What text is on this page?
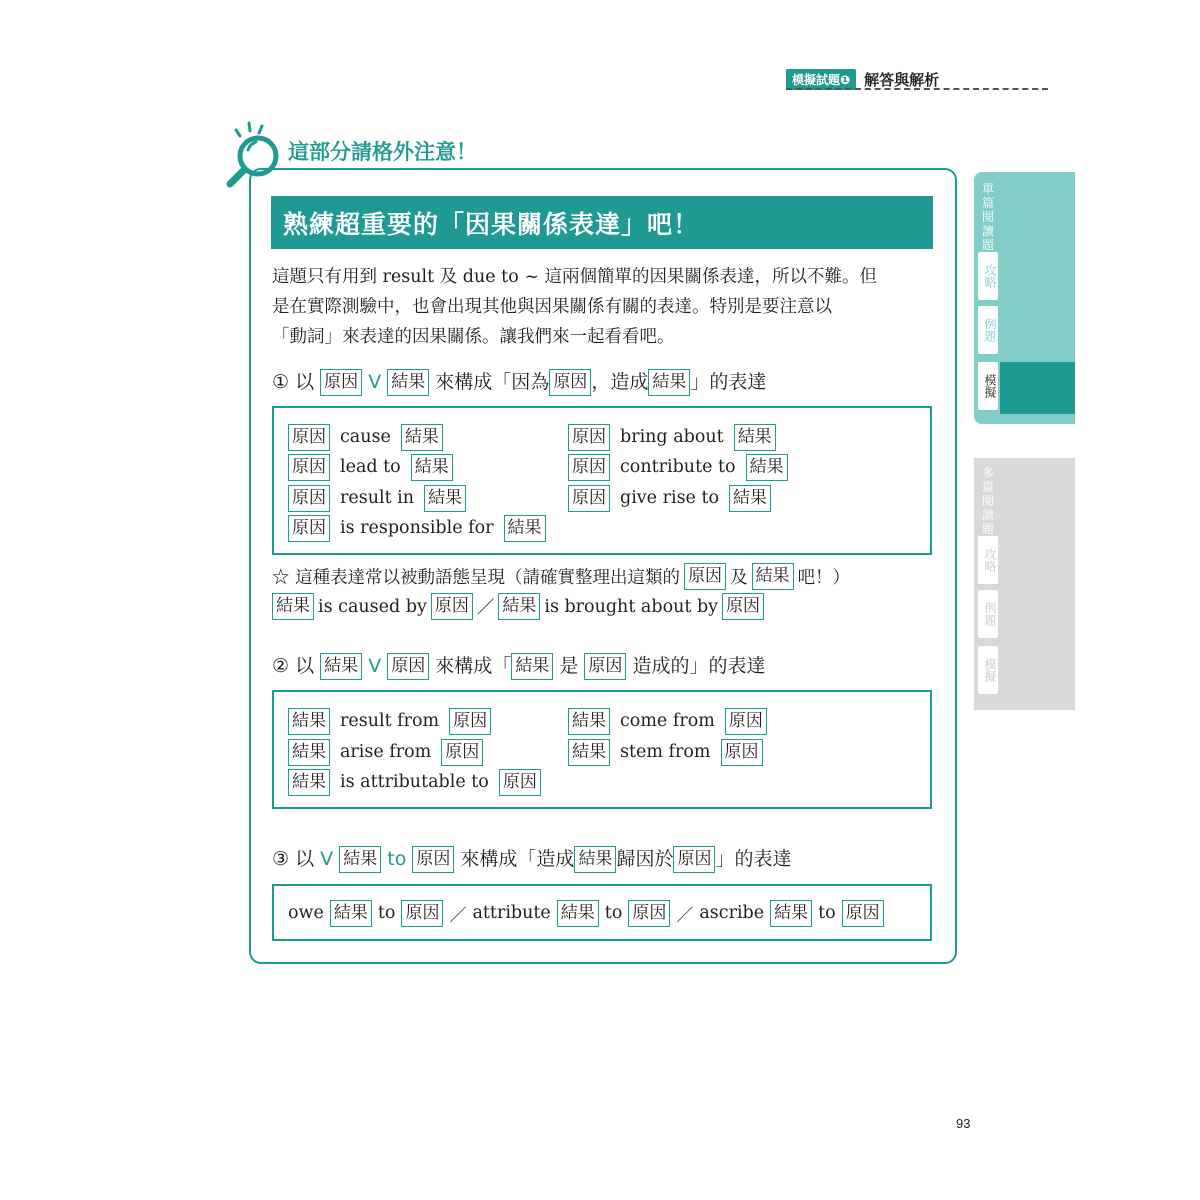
模擬試題❶ 解答與解析
單篇閱讀題
攻略
例題
模擬
多篇閱讀題
攻略
例題
模擬
這部分請格外注意！
熟練超重要的「因果關係表達」吧！
這題只有用到 result 及 due to ~ 這兩個簡單的因果關係表達，所以不難。但
是在實際測驗中，也會出現其他與因果關係有關的表達。特別是要注意以
「動詞」來表達的因果關係。讓我們來一起看看吧。
① 以 原因 V 結果 來構成「因為 原因 ，造成 結果 」的表達
原因 cause 結果
原因 lead to 結果
原因 result in 結果
原因 is responsible for 結果
原因 bring about 結果
原因 contribute to 結果
原因 give rise to 結果
☆ 這種表達常以被動語態呈現（請確實整理出這類的 原因 及 結果 吧！）
結果 is caused by 原因 ／ 結果 is brought about by 原因
② 以 結果 V 原因 來構成「 結果 是 原因 造成的」的表達
結果 result from 原因
結果 arise from 原因
結果 is attributable to 原因
結果 come from 原因
結果 stem from 原因
③ 以 V 結果 to 原因 來構成「造成 結果 歸因於 原因 」的表達
owe 結果 to 原因 ／ attribute 結果 to 原因 ／ ascribe 結果 to 原因
93
